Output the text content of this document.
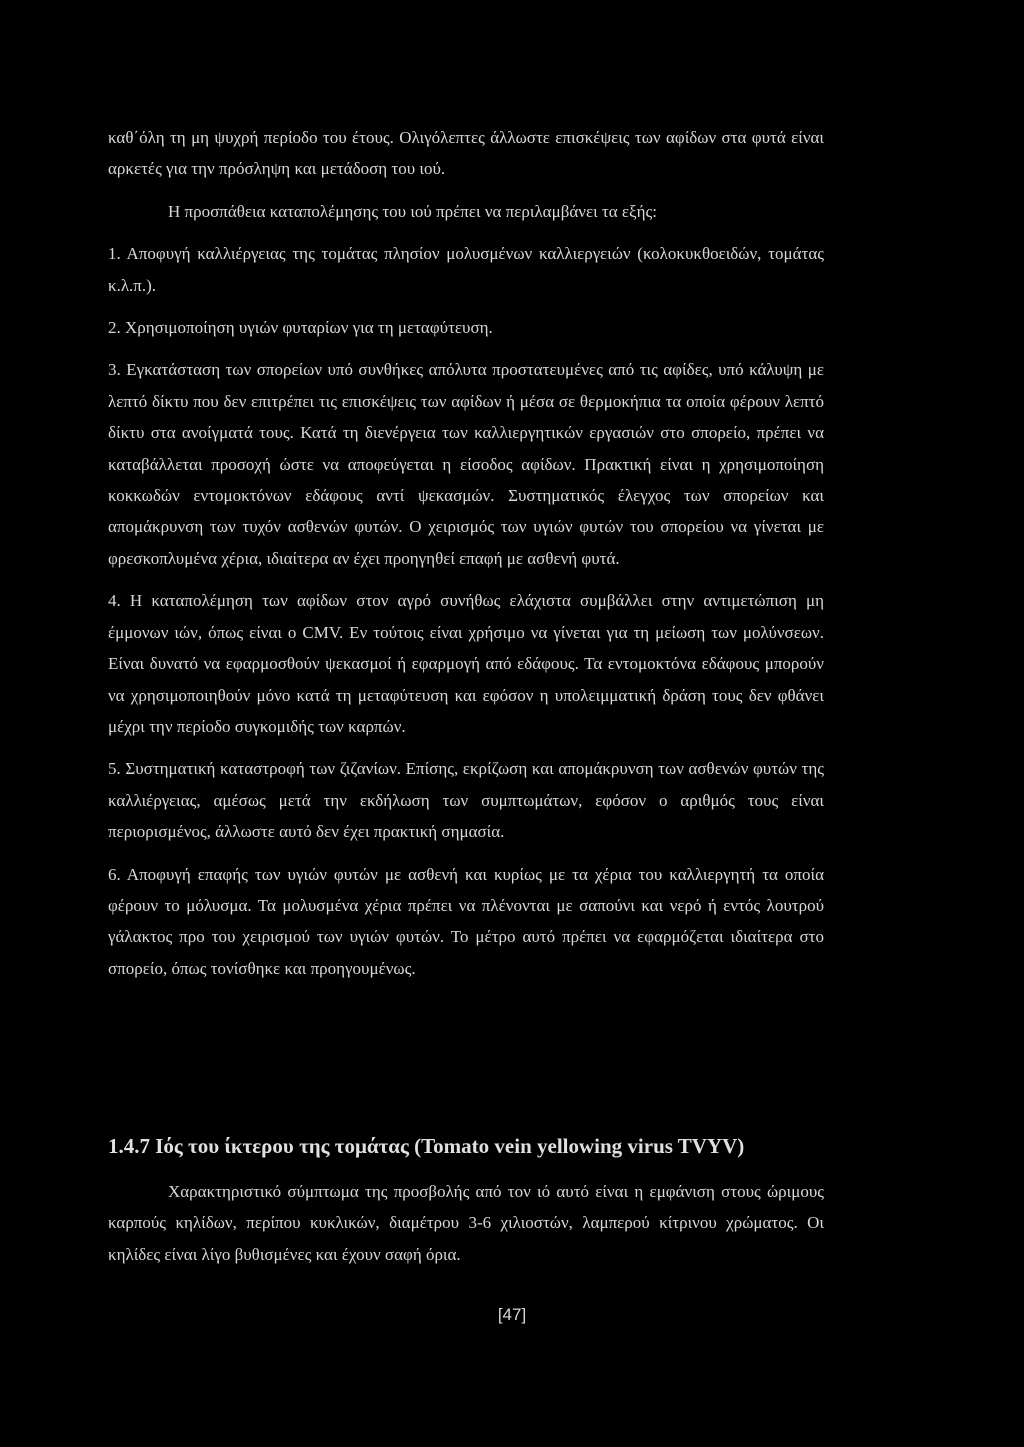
καθ΄όλη τη μη ψυχρή περίοδο του έτους. Ολιγόλεπτες άλλωστε επισκέψεις των αφίδων στα φυτά είναι αρκετές για την πρόσληψη και μετάδοση του ιού.

Η προσπάθεια καταπολέμησης του ιού πρέπει να περιλαμβάνει τα εξής:

1. Αποφυγή καλλιέργειας της τομάτας πλησίον μολυσμένων καλλιεργειών (κολοκυκθοειδών, τομάτας κ.λ.π.).

2. Χρησιμοποίηση υγιών φυταρίων για τη μεταφύτευση.

3. Εγκατάσταση των σπορείων υπό συνθήκες απόλυτα προστατευμένες από τις αφίδες, υπό κάλυψη με λεπτό δίκτυ που δεν επιτρέπει τις επισκέψεις των αφίδων ή μέσα σε θερμοκήπια τα οποία φέρουν λεπτό δίκτυ στα ανοίγματά τους. Κατά τη διενέργεια των καλλιεργητικών εργασιών στο σπορείο, πρέπει να καταβάλλεται προσοχή ώστε να αποφεύγεται η είσοδος αφίδων. Πρακτική είναι η χρησιμοποίηση κοκκωδών εντομοκτόνων εδάφους αντί ψεκασμών. Συστηματικός έλεγχος των σπορείων και απομάκρυνση των τυχόν ασθενών φυτών. Ο χειρισμός των υγιών φυτών του σπορείου να γίνεται με φρεσκοπλυμένα χέρια, ιδιαίτερα αν έχει προηγηθεί επαφή με ασθενή φυτά.

4. Η καταπολέμηση των αφίδων στον αγρό συνήθως ελάχιστα συμβάλλει στην αντιμετώπιση μη έμμονων ιών, όπως είναι ο CMV. Εν τούτοις είναι χρήσιμο να γίνεται για τη μείωση των μολύνσεων. Είναι δυνατό να εφαρμοσθούν ψεκασμοί ή εφαρμογή από εδάφους. Τα εντομοκτόνα εδάφους μπορούν να χρησιμοποιηθούν μόνο κατά τη μεταφύτευση και εφόσον η υπολειμματική δράση τους δεν φθάνει μέχρι την περίοδο συγκομιδής των καρπών.

5. Συστηματική καταστροφή των ζιζανίων. Επίσης, εκρίζωση και απομάκρυνση των ασθενών φυτών της καλλιέργειας, αμέσως μετά την εκδήλωση των συμπτωμάτων, εφόσον ο αριθμός τους είναι περιορισμένος, άλλωστε αυτό δεν έχει πρακτική σημασία.

6. Αποφυγή επαφής των υγιών φυτών με ασθενή και κυρίως με τα χέρια του καλλιεργητή τα οποία φέρουν το μόλυσμα. Τα μολυσμένα χέρια πρέπει να πλένονται με σαπούνι και νερό ή εντός λουτρού γάλακτος προ του χειρισμού των υγιών φυτών. Το μέτρο αυτό πρέπει να εφαρμόζεται ιδιαίτερα στο σπορείο, όπως τονίσθηκε και προηγουμένως.

1.4.7 Ιός του ίκτερου της τομάτας (Tomato vein yellowing virus TVYV)

Χαρακτηριστικό σύμπτωμα της προσβολής από τον ιό αυτό είναι η εμφάνιση στους ώριμους καρπούς κηλίδων, περίπου κυκλικών, διαμέτρου 3-6 χιλιοστών, λαμπερού κίτρινου χρώματος. Οι κηλίδες είναι λίγο βυθισμένες και έχουν σαφή όρια.

[47]
